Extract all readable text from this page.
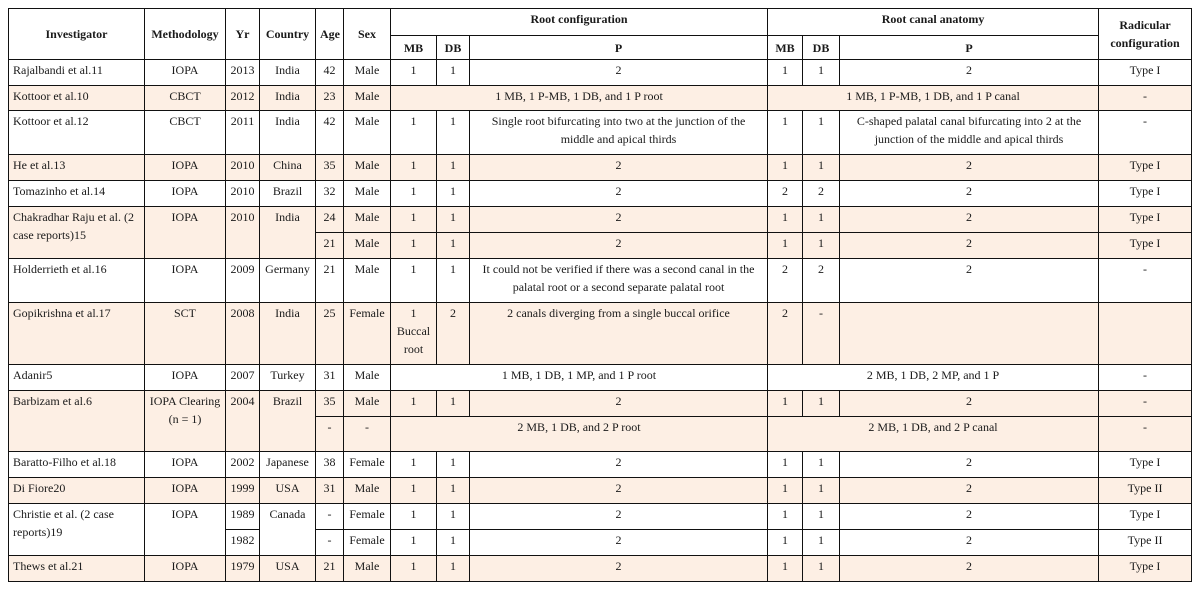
Investigator	Methodology	Yr	Country	Age	Sex	Root configuration			Root canal anatomy			Radicular configuration
						MB	DB	P	MB	DB	P	
Rajalbandi et al.11	IOPA	2013	India	42	Male	1	1	2	1	1	2	Type I
Kottoor et al.10	CBCT	2012	India	23	Male	1 MB, 1 P-MB, 1 DB, and 1 P root			1 MB, 1 P-MB, 1 DB, and 1 P canal			-
Kottoor et al.12	CBCT	2011	India	42	Male	1	1	Single root bifurcating into two at the junction of the middle and apical thirds	1	1	C-shaped palatal canal bifurcating into 2 at the junction of the middle and apical thirds	-
He et al.13	IOPA	2010	China	35	Male	1	1	2	1	1	2	Type I
Tomazinho et al.14	IOPA	2010	Brazil	32	Male	1	1	2	2	2	2	Type I
Chakradhar Raju et al. (2 case reports)15	IOPA	2010	India	24	Male	1	1	2	1	1	2	Type I
				21	Male	1	1	2	1	1	2	Type I
Holderrieth et al.16	IOPA	2009	Germany	21	Male	1	1	It could not be verified if there was a second canal in the palatal root or a second separate palatal root	2	2	2	-
Gopikrishna et al.17	SCT	2008	India	25	Female	1 Buccal root	2	2 canals diverging from a single buccal orifice	2	-		
Adanir5	IOPA	2007	Turkey	31	Male	1 MB, 1 DB, 1 MP, and 1 P root			2 MB, 1 DB, 2 MP, and 1 P			-
Barbizam et al.6	IOPA Clearing (n = 1)	2004	Brazil	35	Male	1	1	2	1	1	2	-
				-	-	2 MB, 1 DB, and 2 P root			2 MB, 1 DB, and 2 P canal			-
Baratto-Filho et al.18	IOPA	2002	Japanese	38	Female	1	1	2	1	1	2	Type I
Di Fiore20	IOPA	1999	USA	31	Male	1	1	2	1	1	2	Type II
Christie et al. (2 case reports)19	IOPA	1989	Canada	-	Female	1	1	2	1	1	2	Type I
		1982		-	Female	1	1	2	1	1	2	Type II
Thews et al.21	IOPA	1979	USA	21	Male	1	1	2	1	1	2	Type I
